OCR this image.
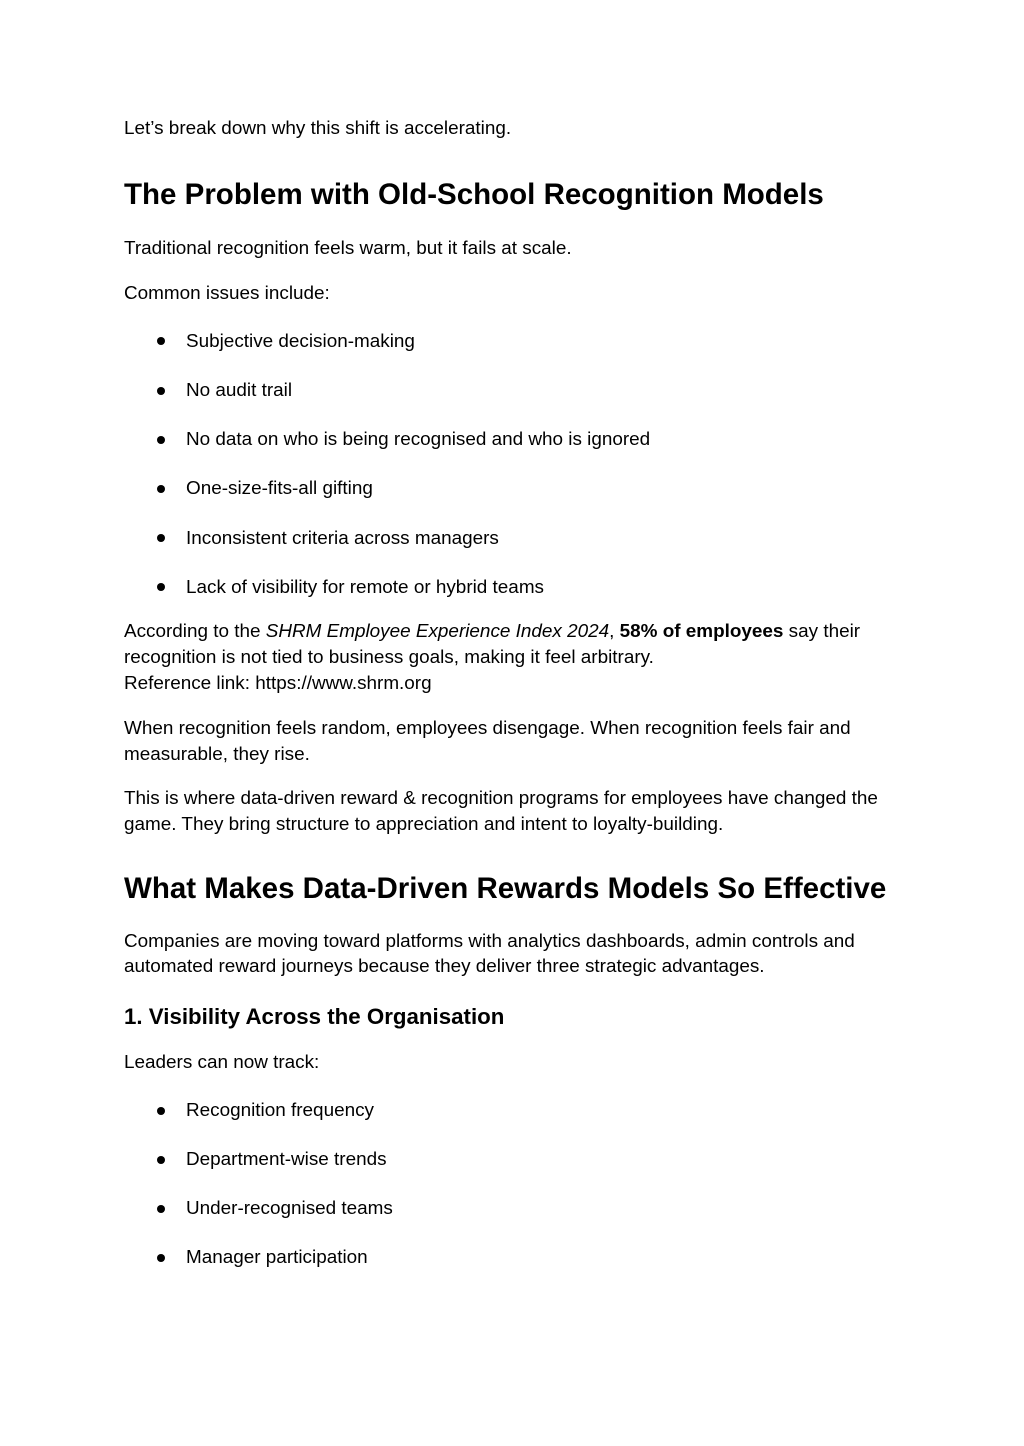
Let’s break down why this shift is accelerating.

The Problem with Old-School Recognition Models

Traditional recognition feels warm, but it fails at scale.

Common issues include:

Subjective decision-making
No audit trail
No data on who is being recognised and who is ignored
One-size-fits-all gifting
Inconsistent criteria across managers
Lack of visibility for remote or hybrid teams

According to the SHRM Employee Experience Index 2024, 58% of employees say their recognition is not tied to business goals, making it feel arbitrary.
Reference link: https://www.shrm.org

When recognition feels random, employees disengage. When recognition feels fair and measurable, they rise.

This is where data-driven reward & recognition programs for employees have changed the game. They bring structure to appreciation and intent to loyalty-building.

What Makes Data-Driven Rewards Models So Effective

Companies are moving toward platforms with analytics dashboards, admin controls and automated reward journeys because they deliver three strategic advantages.

1. Visibility Across the Organisation

Leaders can now track:

Recognition frequency
Department-wise trends
Under-recognised teams
Manager participation
